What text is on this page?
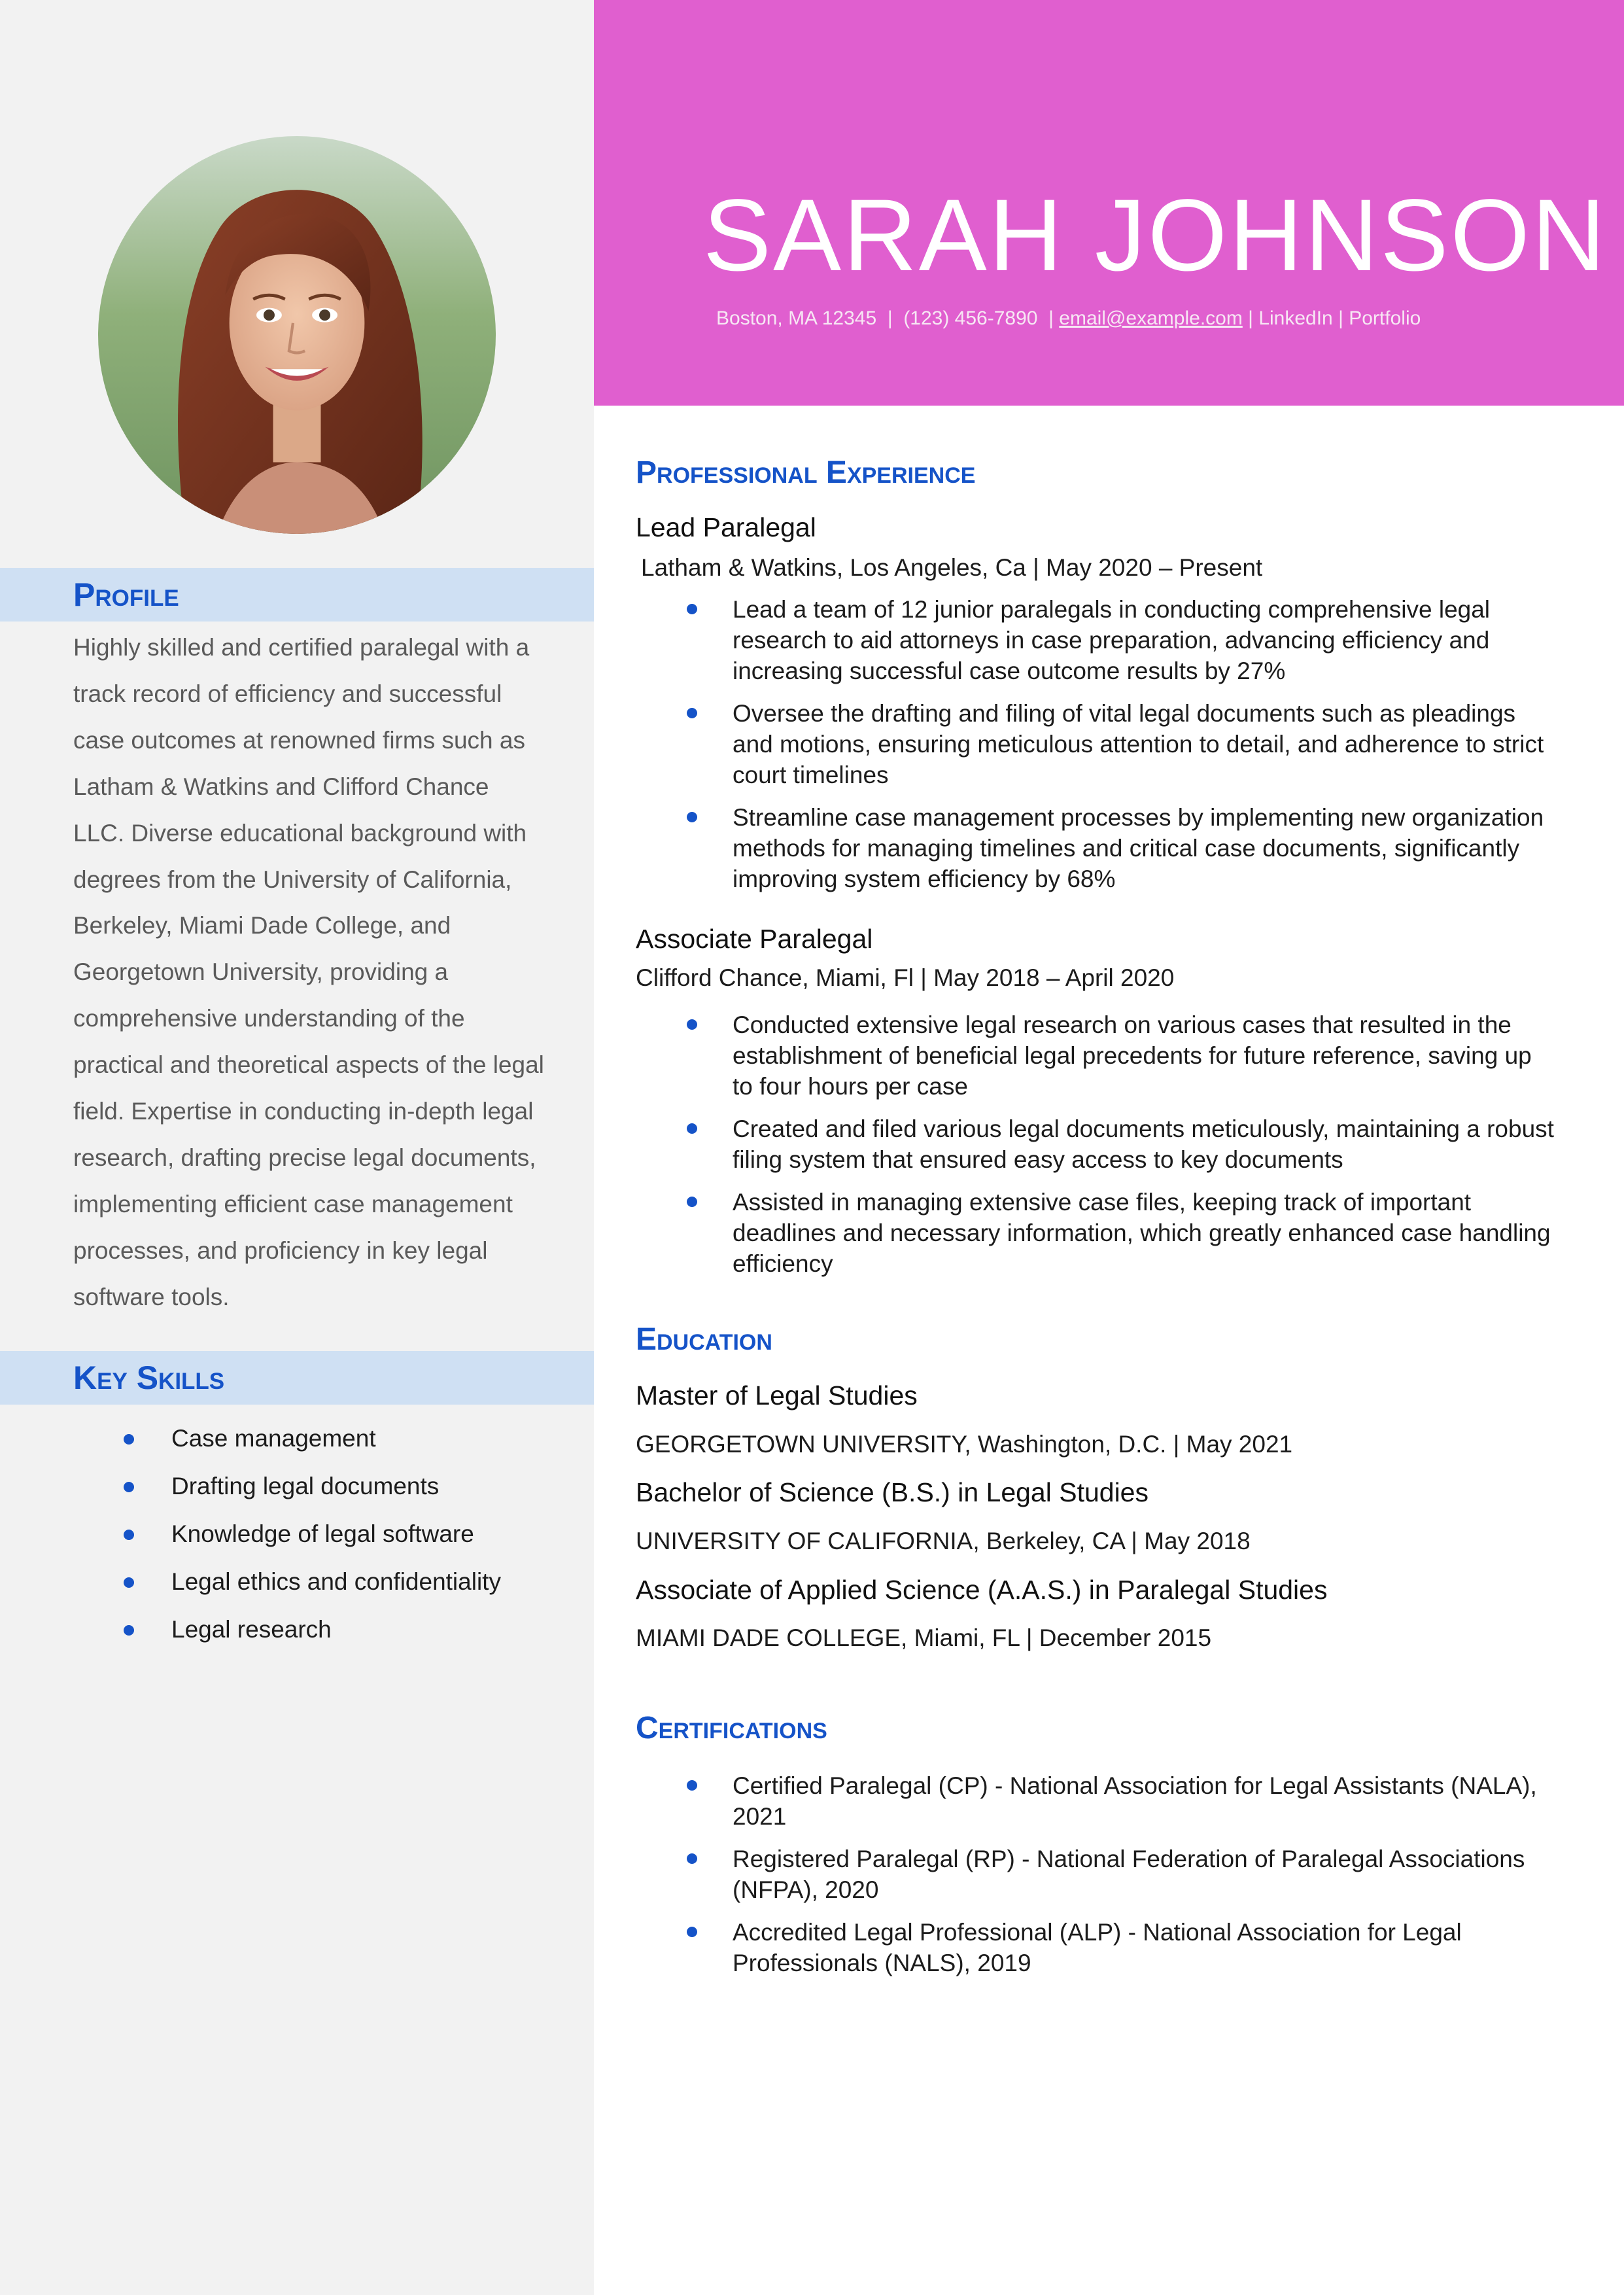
Profile

Highly skilled and certified paralegal with a track record of efficiency and successful case outcomes at renowned firms such as Latham & Watkins and Clifford Chance LLC. Diverse educational background with degrees from the University of California, Berkeley, Miami Dade College, and Georgetown University, providing a comprehensive understanding of the practical and theoretical aspects of the legal field. Expertise in conducting in-depth legal research, drafting precise legal documents, implementing efficient case management processes, and proficiency in key legal software tools.

Key Skills
Case management
Drafting legal documents
Knowledge of legal software
Legal ethics and confidentiality
Legal research
SARAH JOHNSON
Boston, MA 12345 | (123) 456-7890 | email@example.com | LinkedIn | Portfolio
Professional Experience
Lead Paralegal
Latham & Watkins, Los Angeles, Ca | May 2020 – Present
Lead a team of 12 junior paralegals in conducting comprehensive legal research to aid attorneys in case preparation, advancing efficiency and increasing successful case outcome results by 27%
Oversee the drafting and filing of vital legal documents such as pleadings and motions, ensuring meticulous attention to detail, and adherence to strict court timelines
Streamline case management processes by implementing new organization methods for managing timelines and critical case documents, significantly improving system efficiency by 68%
Associate Paralegal
Clifford Chance, Miami, Fl | May 2018 – April 2020
Conducted extensive legal research on various cases that resulted in the establishment of beneficial legal precedents for future reference, saving up to four hours per case
Created and filed various legal documents meticulously, maintaining a robust filing system that ensured easy access to key documents
Assisted in managing extensive case files, keeping track of important deadlines and necessary information, which greatly enhanced case handling efficiency
Education
Master of Legal Studies
GEORGETOWN UNIVERSITY, Washington, D.C. | May 2021
Bachelor of Science (B.S.) in Legal Studies
UNIVERSITY OF CALIFORNIA, Berkeley, CA | May 2018
Associate of Applied Science (A.A.S.) in Paralegal Studies
MIAMI DADE COLLEGE, Miami, FL | December 2015
Certifications
Certified Paralegal (CP) - National Association for Legal Assistants (NALA), 2021
Registered Paralegal (RP) - National Federation of Paralegal Associations (NFPA), 2020
Accredited Legal Professional (ALP) - National Association for Legal Professionals (NALS), 2019
